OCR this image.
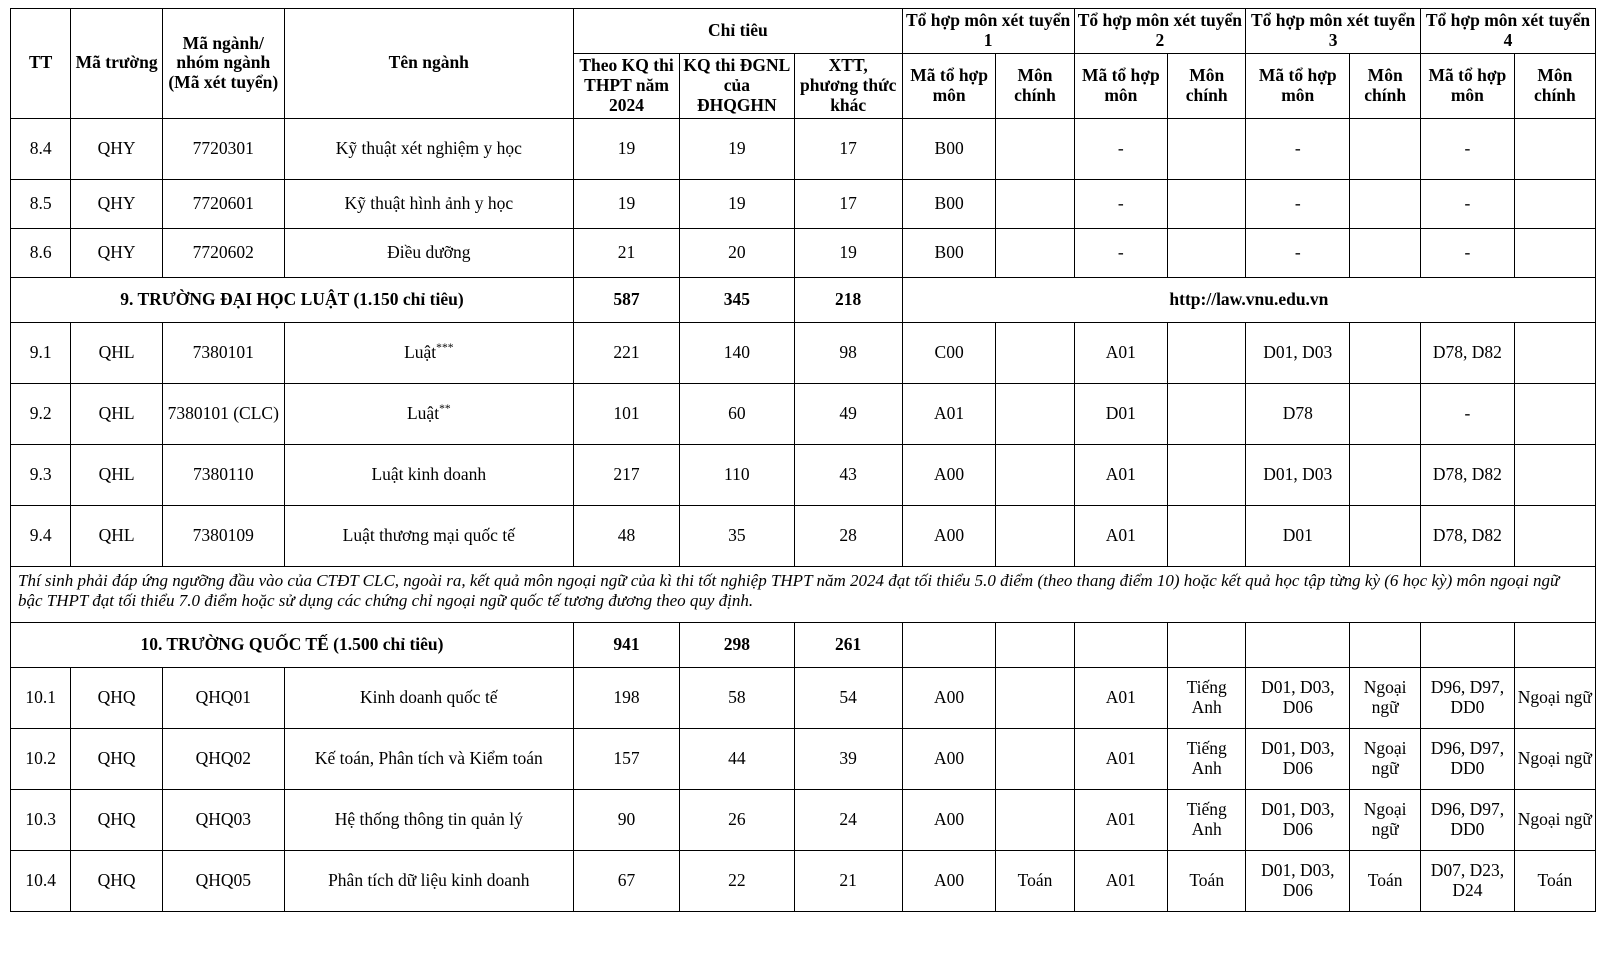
TT	Mã trường	Mã ngành/ nhóm ngành (Mã xét tuyển)	Tên ngành	Chỉ tiêu			Tổ hợp môn xét tuyển 1		Tổ hợp môn xét tuyển 2		Tổ hợp môn xét tuyển 3		Tổ hợp môn xét tuyển 4	
				Theo KQ thi THPT năm 2024	KQ thi ĐGNL của ĐHQGHN	XTT, phương thức khác	Mã tổ hợp môn	Môn chính	Mã tổ hợp môn	Môn chính	Mã tổ hợp môn	Môn chính	Mã tổ hợp môn	Môn chính
8.4	QHY	7720301	Kỹ thuật xét nghiệm y học	19	19	17	B00		-		-		-	
8.5	QHY	7720601	Kỹ thuật hình ảnh y học	19	19	17	B00		-		-		-	
8.6	QHY	7720602	Điều dưỡng	21	20	19	B00		-		-		-	
9. TRƯỜNG ĐẠI HỌC LUẬT (1.150 chỉ tiêu)				587	345	218	http://law.vnu.edu.vn							
9.1	QHL	7380101	Luật***	221	140	98	C00		A01		D01, D03		D78, D82	
9.2	QHL	7380101 (CLC)	Luật**	101	60	49	A01		D01		D78		-	
9.3	QHL	7380110	Luật kinh doanh	217	110	43	A00		A01		D01, D03		D78, D82	
9.4	QHL	7380109	Luật thương mại quốc tế	48	35	28	A00		A01		D01		D78, D82	
Thí sinh phải đáp ứng ngưỡng đầu vào của CTĐT CLC, ngoài ra, kết quả môn ngoại ngữ của kì thi tốt nghiệp THPT năm 2024 đạt tối thiểu 5.0 điểm (theo thang điểm 10) hoặc kết quả học tập từng kỳ (6 học kỳ) môn ngoại ngữ bậc THPT đạt tối thiểu 7.0 điểm hoặc sử dụng các chứng chỉ ngoại ngữ quốc tế tương đương theo quy định.														
10. TRƯỜNG QUỐC TẾ (1.500 chỉ tiêu)				941	298	261								
10.1	QHQ	QHQ01	Kinh doanh quốc tế	198	58	54	A00		A01	Tiếng Anh	D01, D03, D06	Ngoại ngữ	D96, D97, DD0	Ngoại ngữ
10.2	QHQ	QHQ02	Kế toán, Phân tích và Kiểm toán	157	44	39	A00		A01	Tiếng Anh	D01, D03, D06	Ngoại ngữ	D96, D97, DD0	Ngoại ngữ
10.3	QHQ	QHQ03	Hệ thống thông tin quản lý	90	26	24	A00		A01	Tiếng Anh	D01, D03, D06	Ngoại ngữ	D96, D97, DD0	Ngoại ngữ
10.4	QHQ	QHQ05	Phân tích dữ liệu kinh doanh	67	22	21	A00	Toán	A01	Toán	D01, D03, D06	Toán	D07, D23, D24	Toán
